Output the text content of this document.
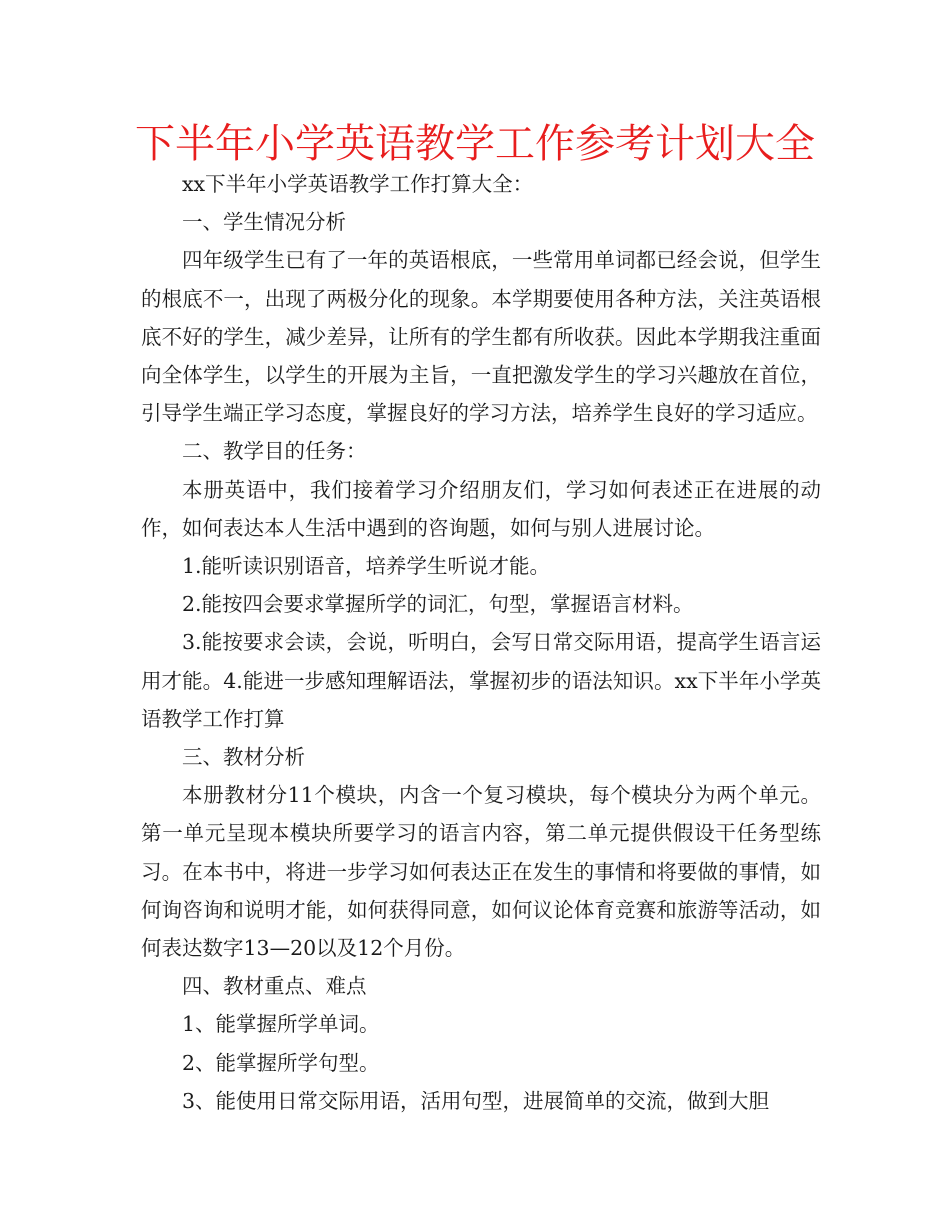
下半年小学英语教学工作参考计划大全

xx下半年小学英语教学工作打算大全：

一、学生情况分析

四年级学生已有了一年的英语根底，一些常用单词都已经会说，但学生的根底不一，出现了两极分化的现象。本学期要使用各种方法，关注英语根底不好的学生，减少差异，让所有的学生都有所收获。因此本学期我注重面向全体学生，以学生的开展为主旨，一直把激发学生的学习兴趣放在首位，引导学生端正学习态度，掌握良好的学习方法，培养学生良好的学习适应。

二、教学目的任务：

本册英语中，我们接着学习介绍朋友们，学习如何表述正在进展的动作，如何表达本人生活中遇到的咨询题，如何与别人进展讨论。

1.能听读识别语音，培养学生听说才能。

2.能按四会要求掌握所学的词汇，句型，掌握语言材料。

3.能按要求会读，会说，听明白，会写日常交际用语，提高学生语言运用才能。4.能进一步感知理解语法，掌握初步的语法知识。xx下半年小学英语教学工作打算

三、教材分析

本册教材分11个模块，内含一个复习模块，每个模块分为两个单元。第一单元呈现本模块所要学习的语言内容，第二单元提供假设干任务型练习。在本书中，将进一步学习如何表达正在发生的事情和将要做的事情，如何询咨询和说明才能，如何获得同意，如何议论体育竞赛和旅游等活动，如何表达数字13—20以及12个月份。

四、教材重点、难点

1、能掌握所学单词。

2、能掌握所学句型。

3、能使用日常交际用语，活用句型，进展简单的交流，做到大胆
